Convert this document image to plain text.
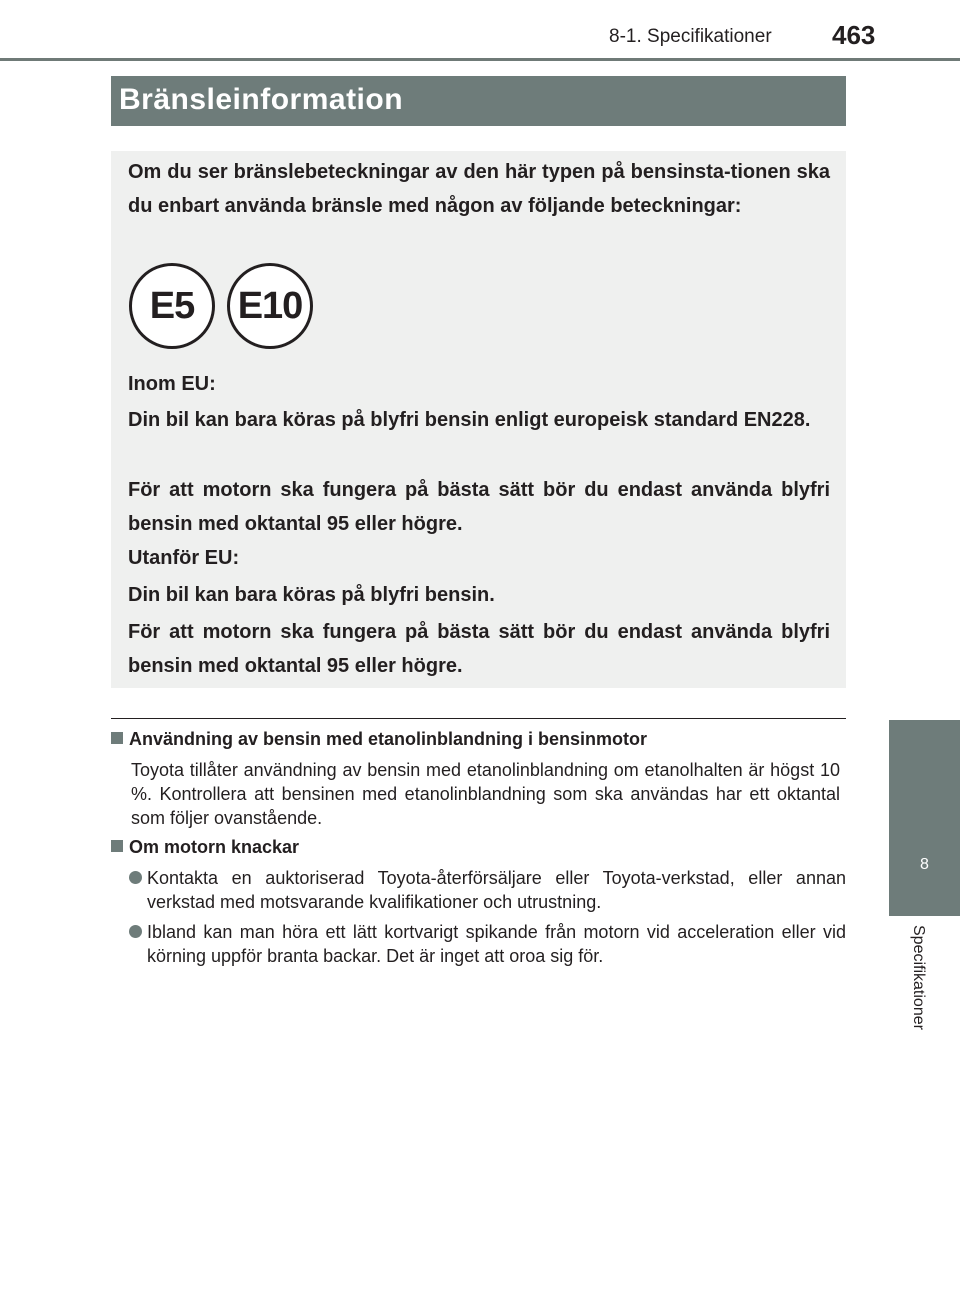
8-1. Specifikationer 463
Bränsleinformation
Om du ser bränslebeteckningar av den här typen på bensinsta-tionen ska du enbart använda bränsle med någon av följande beteckningar:
E5	E10
Inom EU:
Din bil kan bara köras på blyfri bensin enligt europeisk standard EN228.
För att motorn ska fungera på bästa sätt bör du endast använda blyfri bensin med oktantal 95 eller högre.
Utanför EU:
Din bil kan bara köras på blyfri bensin.
För att motorn ska fungera på bästa sätt bör du endast använda blyfri bensin med oktantal 95 eller högre.
Användning av bensin med etanolinblandning i bensinmotor
Toyota tillåter användning av bensin med etanolinblandning om etanolhalten är högst 10 %. Kontrollera att bensinen med etanolinblandning som ska användas har ett oktantal som följer ovanstående.
Om motorn knackar
Kontakta en auktoriserad Toyota-återförsäljare eller Toyota-verkstad, eller annan verkstad med motsvarande kvalifikationer och utrustning.
Ibland kan man höra ett lätt kortvarigt spikande från motorn vid acceleration eller vid körning uppför branta backar. Det är inget att oroa sig för.
8
Specifikationer
